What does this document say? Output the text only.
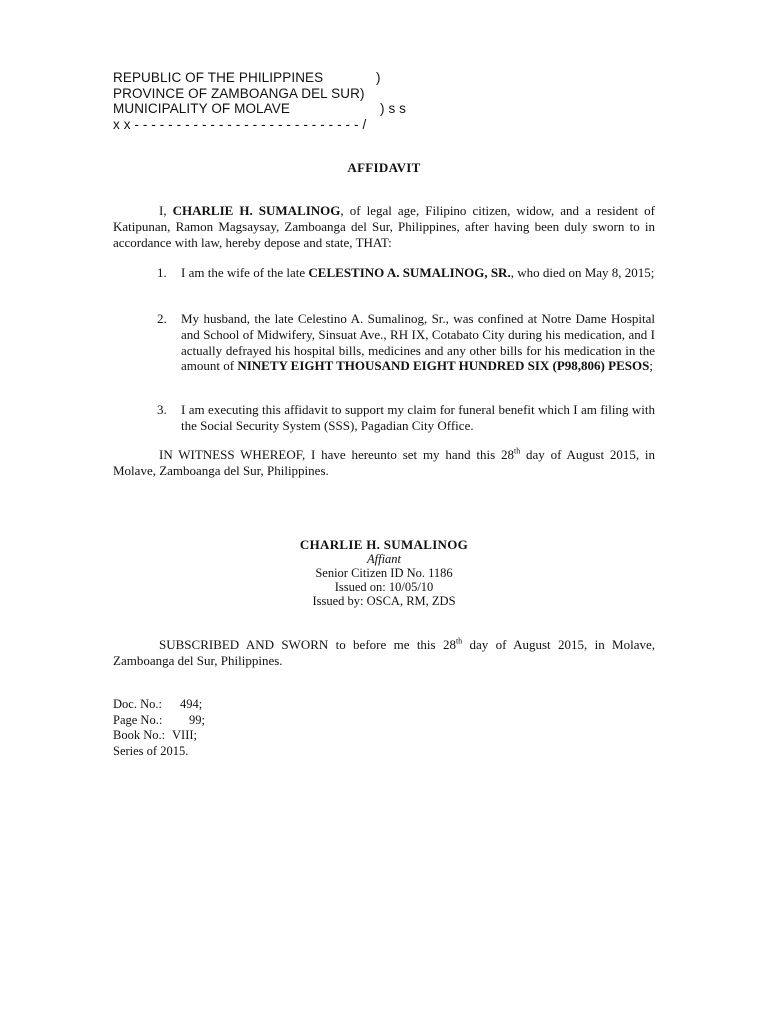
REPUBLIC OF THE PHILIPPINES	)
PROVINCE OF ZAMBOANGA DEL SUR)
MUNICIPALITY OF MOLAVE	) s s
x x - - - - - - - - - - - - - - - - - - - - - - - - - - - /
AFFIDAVIT
I, CHARLIE H. SUMALINOG, of legal age, Filipino citizen, widow, and a resident of Katipunan, Ramon Magsaysay, Zamboanga del Sur, Philippines, after having been duly sworn to in accordance with law, hereby depose and state, THAT:
1. I am the wife of the late CELESTINO A. SUMALINOG, SR., who died on May 8, 2015;
2. My husband, the late Celestino A. Sumalinog, Sr., was confined at Notre Dame Hospital and School of Midwifery, Sinsuat Ave., RH IX, Cotabato City during his medication, and I actually defrayed his hospital bills, medicines and any other bills for his medication in the amount of NINETY EIGHT THOUSAND EIGHT HUNDRED SIX (P98,806) PESOS;
3. I am executing this affidavit to support my claim for funeral benefit which I am filing with the Social Security System (SSS), Pagadian City Office.
IN WITNESS WHEREOF, I have hereunto set my hand this 28th day of August 2015, in Molave, Zamboanga del Sur, Philippines.
CHARLIE H. SUMALINOG
Affiant
Senior Citizen ID No. 1186
Issued on: 10/05/10
Issued by: OSCA, RM, ZDS
SUBSCRIBED AND SWORN to before me this 28th day of August 2015, in Molave, Zamboanga del Sur, Philippines.
Doc. No.: 494;
Page No.: 99;
Book No.: VIII;
Series of 2015.
